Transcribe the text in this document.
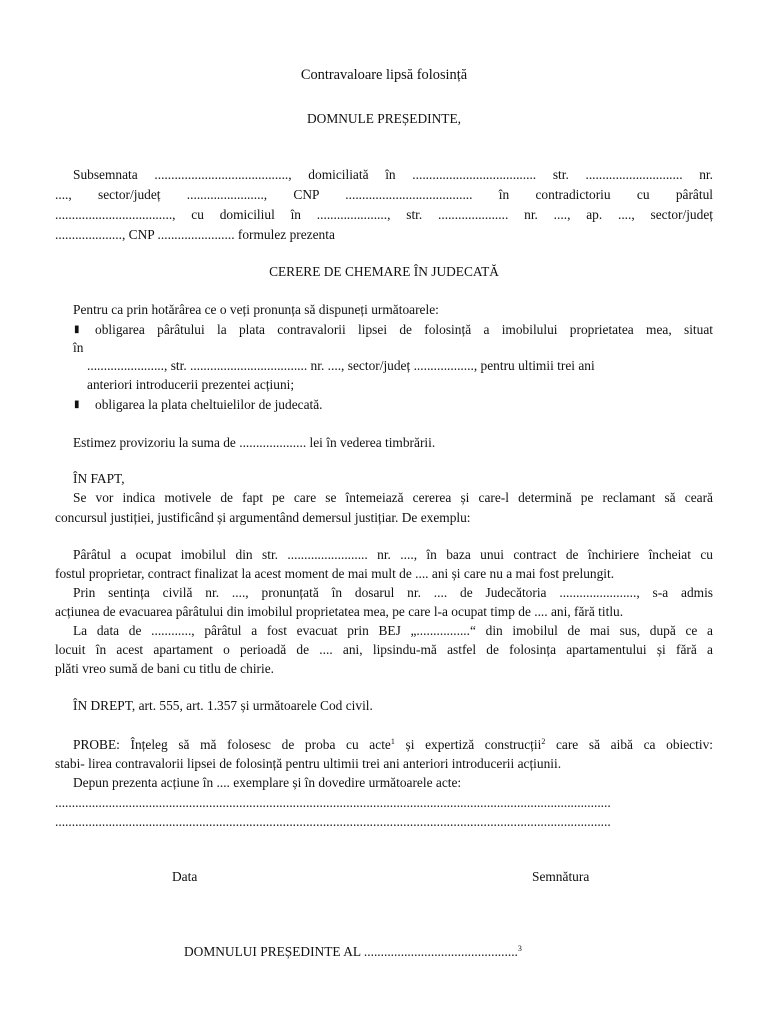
Contravaloare lipsă folosință
DOMNULE PREȘEDINTE,
Subsemnata ........................................, domiciliată în ..................................... str. ............................. nr.
...., sector/județ ......................., CNP ...................................... în contradictoriu cu pârâtul
..................................., cu domiciliul în ....................., str. ..................... nr. ...., ap. ...., sector/județ
...................., CNP ....................... formulez prezenta
CERERE DE CHEMARE ÎN JUDECATĂ
Pentru ca prin hotărârea ce o veți pronunța să dispuneți următoarele:
▮ obligarea pârâtului la plata contravalorii lipsei de folosință a imobilului proprietatea mea, situat
în
......................., str. ................................... nr. ...., sector/județ .................., pentru ultimii trei ani
anteriori introducerii prezentei acțiuni;
▮ obligarea la plata cheltuielilor de judecată.
Estimez provizoriu la suma de .................... lei în vederea timbrării.
ÎN FAPT,
Se vor indica motivele de fapt pe care se întemeiază cererea și care-l determină pe reclamant să ceară
concursul justiției, justificând și argumentând demersul justițiar. De exemplu:
Pârâtul a ocupat imobilul din str. ........................ nr. ...., în baza unui contract de închiriere încheiat cu
fostul proprietar, contract finalizat la acest moment de mai mult de .... ani și care nu a mai fost prelungit.
Prin sentința civilă nr. ...., pronunțată în dosarul nr. .... de Judecătoria ......................., s-a admis
acțiunea de evacuarea pârâtului din imobilul proprietatea mea, pe care l-a ocupat timp de .... ani, fără titlu.
La data de ............, pârâtul a fost evacuat prin BEJ „................“ din imobilul de mai sus, după ce a
locuit în acest apartament o perioadă de .... ani, lipsindu-mă astfel de folosința apartamentului și fără a
plăti vreo sumă de bani cu titlu de chirie.
ÎN DREPT, art. 555, art. 1.357 și următoarele Cod civil.
PROBE: Înțeleg să mă folosesc de proba cu acte$^1$ și expertiză construcții$^2$ care să aibă ca obiectiv:
stabi- lirea contravalorii lipsei de folosință pentru ultimii trei ani anteriori introducerii acțiunii.
Depun prezenta acțiune în .... exemplare și în dovedire următoarele acte:
......................................................................................................................................................................
......................................................................................................................................................................
Data	Semnătura
DOMNULUI PREȘEDINTE AL ..............................................$^3$
